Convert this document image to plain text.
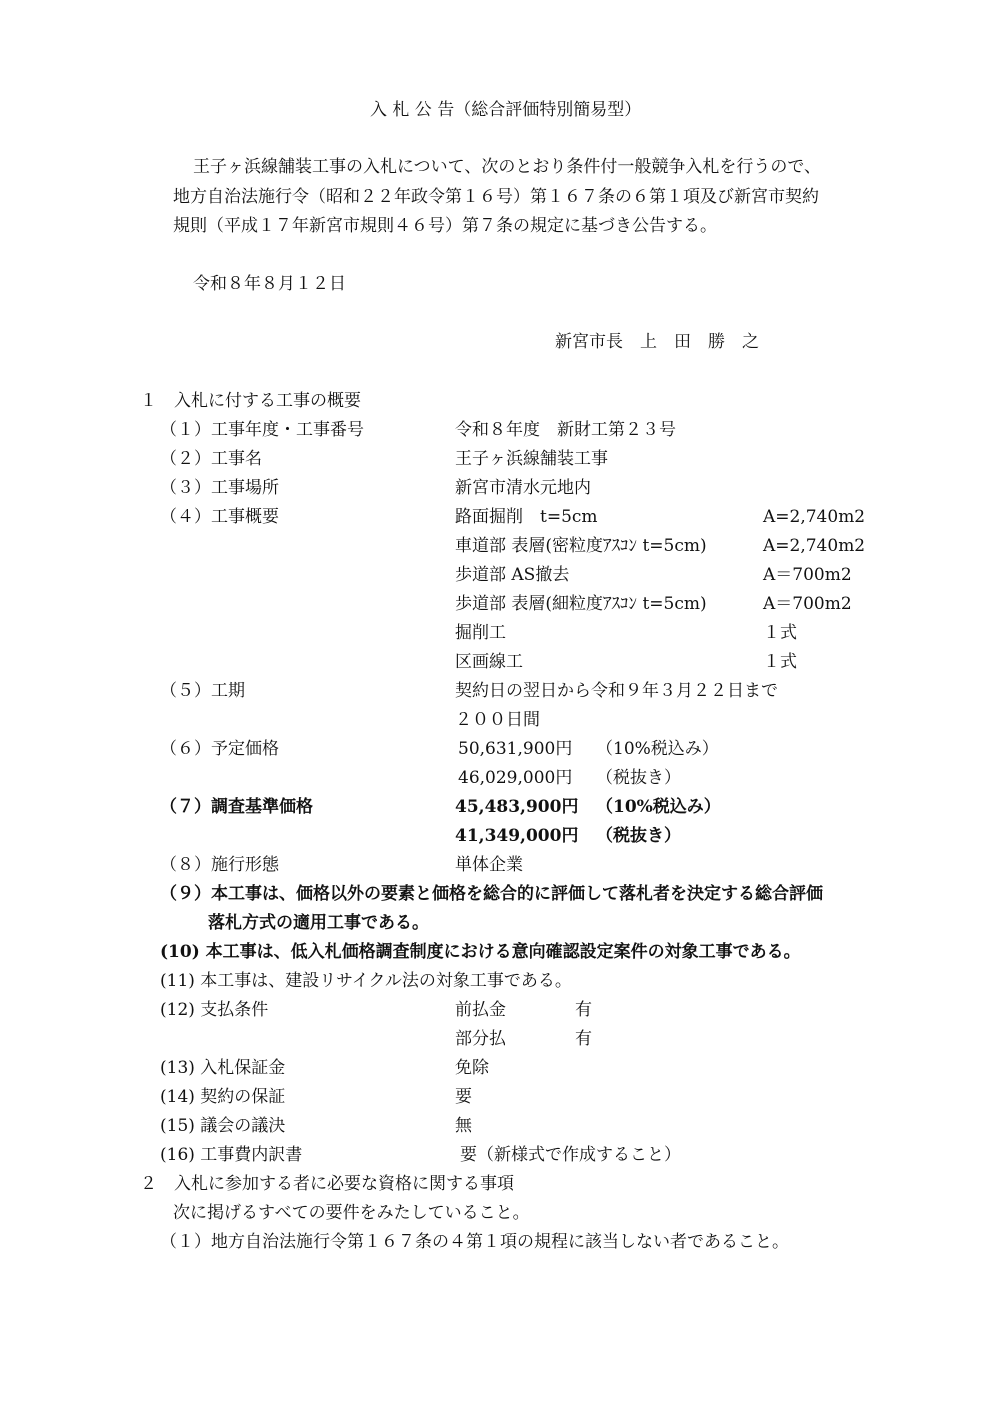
入 札 公 告（総合評価特別簡易型）
王子ヶ浜線舗装工事の入札について、次のとおり条件付一般競争入札を行うので、
地方自治法施行令（昭和２２年政令第１６号）第１６７条の６第１項及び新宮市契約
規則（平成１７年新宮市規則４６号）第７条の規定に基づき公告する。
令和８年８月１２日
新宮市長　上　田　勝　之
１　入札に付する工事の概要
（１）工事年度・工事番号	令和８年度　新財工第２３号
（２）工事名	王子ヶ浜線舗装工事
（３）工事場所	新宮市清水元地内
（４）工事概要	路面掘削　t=5cm	A=2,740m2
車道部 表層(密粒度ｱｽｺﾝ t=5cm)	A=2,740m2
歩道部 AS撤去	A＝700m2
歩道部 表層(細粒度ｱｽｺﾝ t=5cm)	A＝700m2
掘削工	１式
区画線工	１式
（５）工期	契約日の翌日から令和９年３月２２日まで
２００日間
（６）予定価格	50,631,900円 （10%税込み）
46,029,000円 （税抜き）
（７）調査基準価格	45,483,900円 （10%税込み）
41,349,000円 （税抜き）
（８）施行形態	単体企業
（９）本工事は、価格以外の要素と価格を総合的に評価して落札者を決定する総合評価
落札方式の適用工事である。
(10) 本工事は、低入札価格調査制度における意向確認設定案件の対象工事である。
(11) 本工事は、建設リサイクル法の対象工事である。
(12) 支払条件	前払金	有
部分払	有
(13) 入札保証金	免除
(14) 契約の保証	要
(15) 議会の議決	無
(16) 工事費内訳書	要（新様式で作成すること）
２　入札に参加する者に必要な資格に関する事項
次に掲げるすべての要件をみたしていること。
（１）地方自治法施行令第１６７条の４第１項の規程に該当しない者であること。
